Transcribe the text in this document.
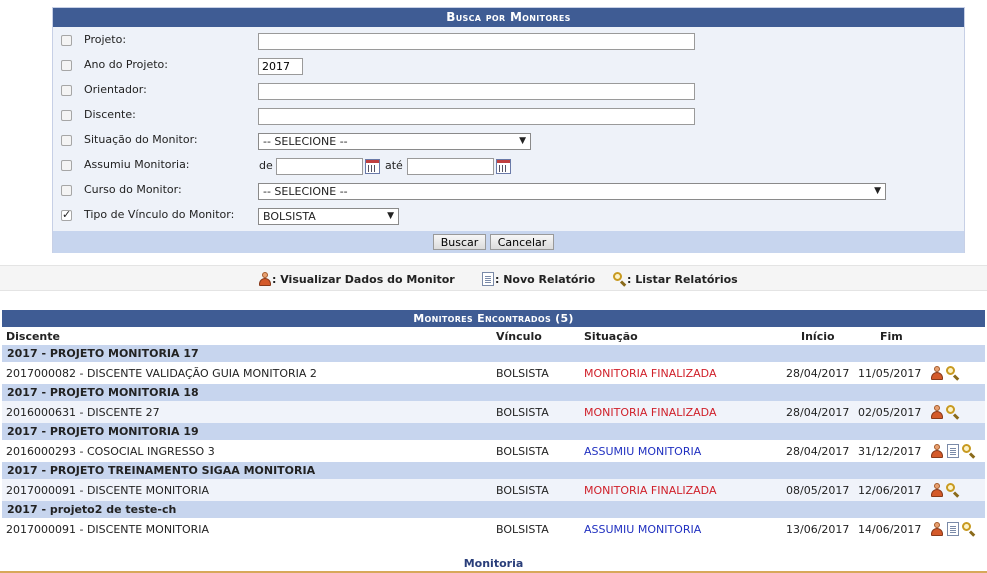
Busca por Monitores
Projeto:
Ano do Projeto:
2017
Orientador:
Discente:
Situação do Monitor:	-- SELECIONE --	▼
Assumiu Monitoria:	de	até
Curso do Monitor:	-- SELECIONE --	▼
✓
Tipo de Vínculo do Monitor:	BOLSISTA	▼
Buscar	Cancelar
: Visualizar Dados do Monitor	: Novo Relatório	: Listar Relatórios
Monitores Encontrados (5)
Discente	Vínculo	Situação	Início	Fim
2017 - PROJETO MONITORIA 17
2017000082 - DISCENTE VALIDAÇÃO GUIA MONITORIA 2	BOLSISTA	MONITORIA FINALIZADA	28/04/2017 11/05/2017
2017 - PROJETO MONITORIA 18
2016000631 - DISCENTE 27	BOLSISTA	MONITORIA FINALIZADA	28/04/2017 02/05/2017
2017 - PROJETO MONITORIA 19
2016000293 - COSOCIAL INGRESSO 3	BOLSISTA	ASSUMIU MONITORIA	28/04/2017 31/12/2017
2017 - PROJETO TREINAMENTO SIGAA MONITORIA
2017000091 - DISCENTE MONITORIA	BOLSISTA	MONITORIA FINALIZADA	08/05/2017 12/06/2017
2017 - projeto2 de teste-ch
2017000091 - DISCENTE MONITORIA	BOLSISTA	ASSUMIU MONITORIA	13/06/2017 14/06/2017
Monitoria
